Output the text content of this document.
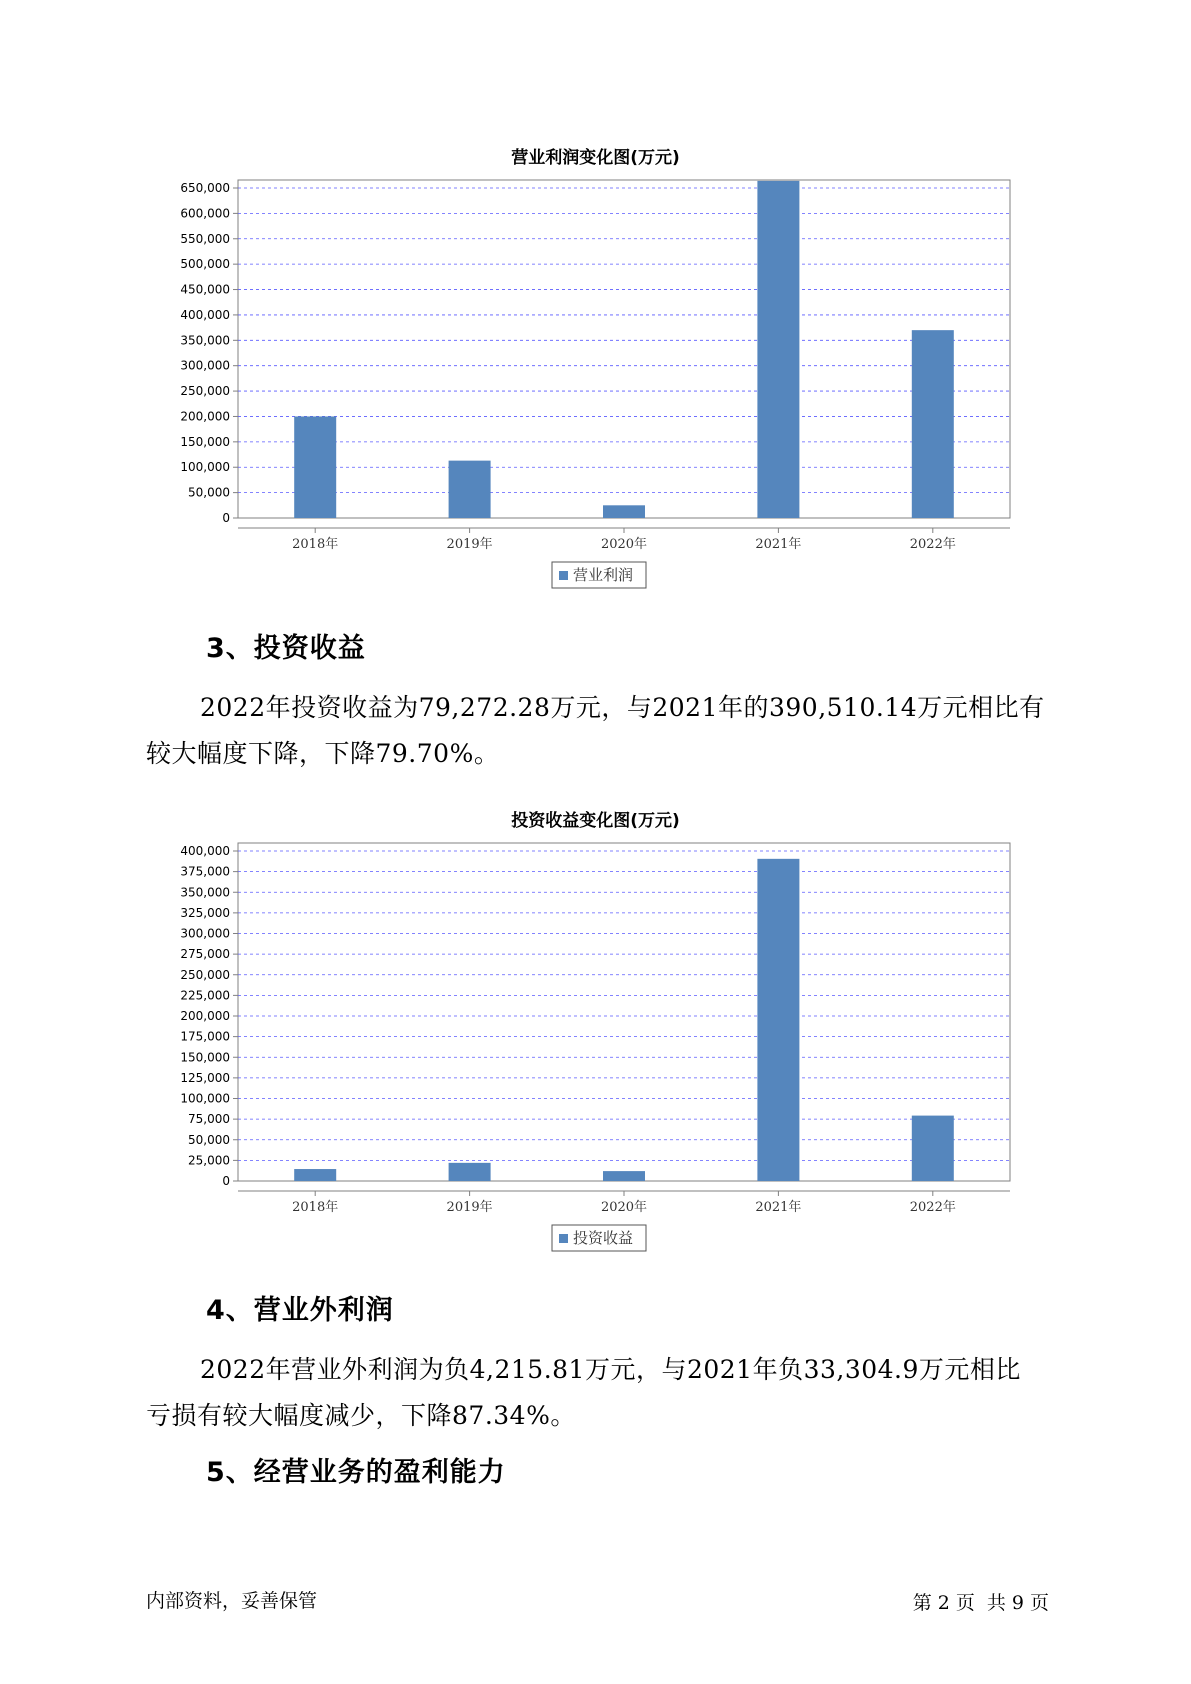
营业利润变化图(万元)
0
50,000
100,000
150,000
200,000
250,000
300,000
350,000
400,000
450,000
500,000
550,000
600,000
650,000
2018年	2019年	2020年	2021年	2022年
营业利润
3、投资收益
2022年投资收益为79,272.28万元，与2021年的390,510.14万元相比有
较大幅度下降，下降79.70%。
投资收益变化图(万元)
0
25,000
50,000
75,000
100,000
125,000
150,000
175,000
200,000
225,000
250,000
275,000
300,000
325,000
350,000
375,000
400,000
2018年	2019年	2020年	2021年	2022年
投资收益
4、营业外利润
2022年营业外利润为负4,215.81万元，与2021年负33,304.9万元相比
亏损有较大幅度减少，下降87.34%。
5、经营业务的盈利能力
内部资料，妥善保管	第 2 页 共 9 页
